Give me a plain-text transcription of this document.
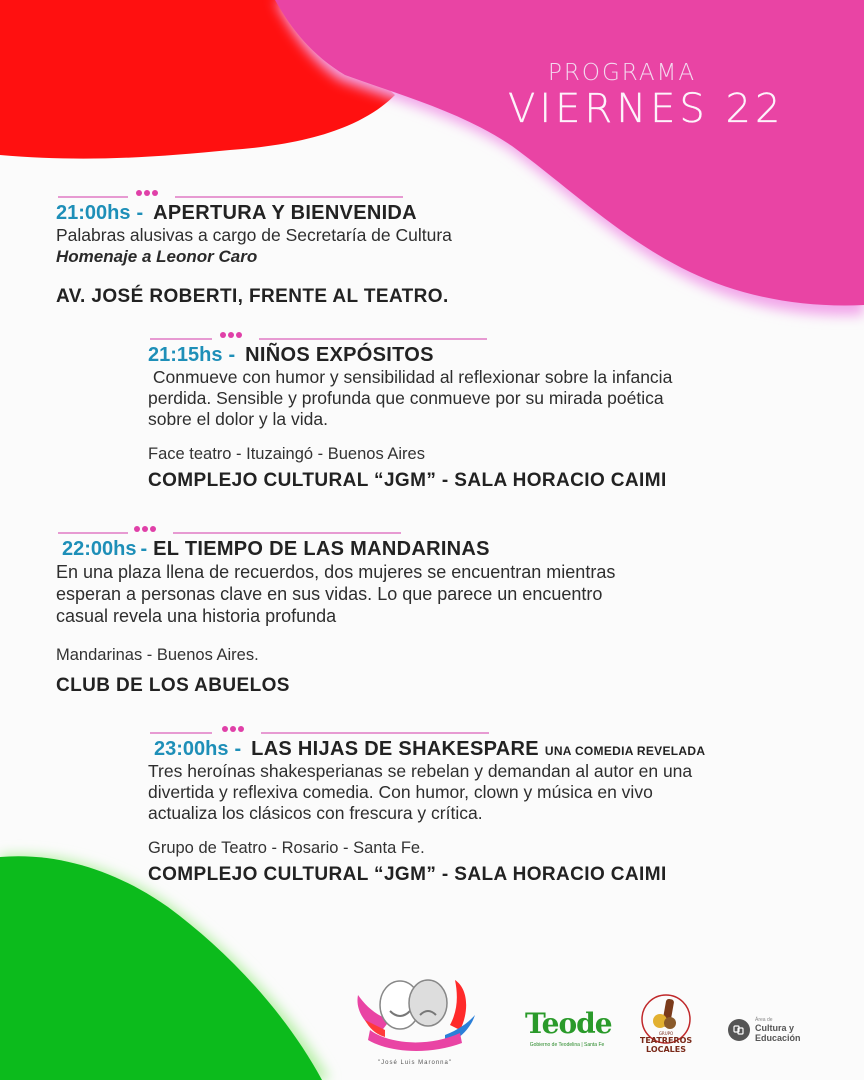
PROGRAMA
VIERNES 22
21:00hs - APERTURA Y BIENVENIDA
Palabras alusivas a cargo de Secretaría de Cultura
Homenaje a Leonor Caro
AV. JOSÉ ROBERTI, FRENTE AL TEATRO.
21:15hs - NIÑOS EXPÓSITOS
Conmueve con humor y sensibilidad al reflexionar sobre la infancia
perdida. Sensible y profunda que conmueve por su mirada poética
sobre el dolor y la vida.
Face teatro - Ituzaingó - Buenos Aires
COMPLEJO CULTURAL “JGM” - SALA HORACIO CAIMI
22:00hs - EL TIEMPO DE LAS MANDARINAS
En una plaza llena de recuerdos, dos mujeres se encuentran mientras
esperan a personas clave en sus vidas. Lo que parece un encuentro
casual revela una historia profunda
Mandarinas - Buenos Aires.
CLUB DE LOS ABUELOS
23:00hs - LAS HIJAS DE SHAKESPARE UNA COMEDIA REVELADA
Tres heroínas shakesperianas se rebelan y demandan al autor en una
divertida y reflexiva comedia. Con humor, clown y música en vivo
actualiza los clásicos con frescura y crítica.
Grupo de Teatro - Rosario - Santa Fe.
COMPLEJO CULTURAL “JGM” - SALA HORACIO CAIMI
"José Luis Maronna"
Teode
Gobierno de Teodelina | Santa Fe	TEATREROS
LOCALES
GRUPO
Área de
Cultura y
Educación
